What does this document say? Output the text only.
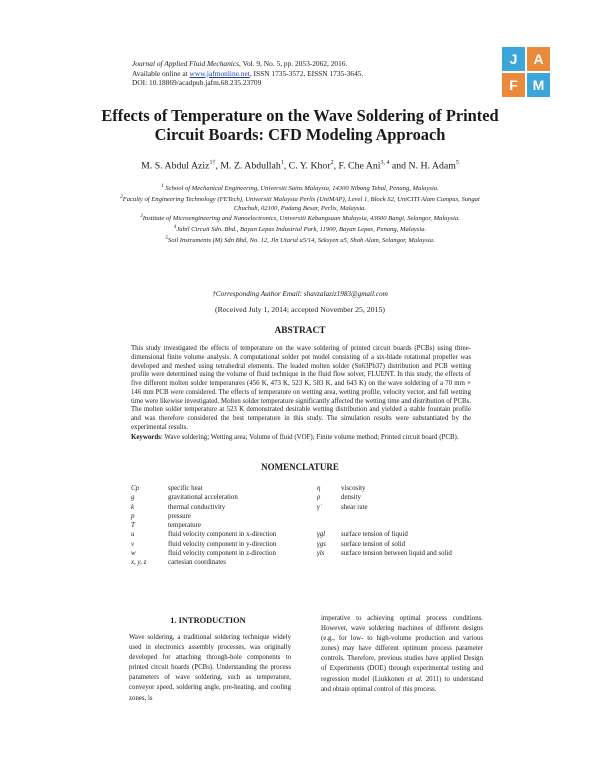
Journal of Applied Fluid Mechanics, Vol. 9, No. 5, pp. 2053-2062, 2016.
Available online at www.jafmonline.net, ISSN 1735-3572, EISSN 1735-3645.
DOI: 10.18869/acadpub.jafm.68.235.23709
J	A
F	M
Effects of Temperature on the Wave Soldering of Printed
Circuit Boards: CFD Modeling Approach
M. S. Abdul Aziz$^{1\dagger}$, M. Z. Abdullah$^1$, C. Y. Khor$^2$, F. Che Ani$^{3, 4}$ and N. H. Adam$^5$
$^1$ School of Mechanical Engineering, Universiti Sains Malaysia, 14300 Nibong Tebal, Penang, Malaysia.
$^2$Faculty of Engineering Technology (FETech), Universiti Malaysia Perlis (UniMAP), Level 1, Block S2, UniCITI Alam Campus, Sungai Chuchuh, 02100, Padang Besar, Perlis, Malaysia.
$^3$Institute of Microengineering and Nanoelectronics, Universiti Kebangsaan Malaysia, 43600 Bangi, Selangor, Malaysia.
$^4$Jabil Circuit Sdn. Bhd., Bayan Lepas Industrial Park, 11900, Bayan Lepas, Penang, Malaysia.
$^5$Soil Instruments (M) Sdn Bhd, No. 12, Jln Utarid u5/14, Seksyen u5, Shah Alam, Selangor, Malaysia.
†Corresponding Author Email: shavzalaziz1983@gmail.com
(Received July 1, 2014; accepted November 25, 2015)
ABSTRACT
This study investigated the effects of temperature on the wave soldering of printed circuit boards (PCBs) using three-dimensional finite volume analysis. A computational solder pot model consisting of a six-blade rotational propeller was developed and meshed using tetrahedral elements. The leaded molten solder (Sn63Pb37) distribution and PCB wetting profile were determined using the volume of fluid technique in the fluid flow solver, FLUENT. In this study, the effects of five different molten solder temperatures (456 K, 473 K, 523 K, 583 K, and 643 K) on the wave soldering of a 70 mm × 146 mm PCB were considered. The effects of temperature on wetting area, wetting profile, velocity vector, and full wetting time were likewise investigated. Molten solder temperature significantly affected the wetting time and distribution of PCBs. The molten solder temperature at 523 K demonstrated desirable wetting distribution and yielded a stable fountain profile and was therefore considered the best temperature in this study. The simulation results were substantiated by the experimental results.
Keywords: Wave soldering; Wetting area; Volume of fluid (VOF); Finite volume method; Printed circuit board (PCB).
NOMENCLATURE
Cp	specific heat
g	gravitational acceleration
k	thermal conductivity
p	pressure
T	temperature
u	fluid velocity component in x-direction
v	fluid velocity component in y-direction
w	fluid velocity component in z-direction
x, y, z	cartesian coordinates
η	viscosity
ρ	density
γ̇	shear rate
γgl surface tension of liquid
γgs surface tension of solid
γls surface tension between liquid and solid
1. INTRODUCTION
Wave soldering, a traditional soldering technique widely used in electronics assembly processes, was originally developed for attaching through-hole components to printed circuit boards (PCBs). Understanding the process parameters of wave soldering, such as temperature, conveyor speed, soldering angle, pre-heating, and cooling zones, is
imperative to achieving optimal process conditions. However, wave soldering machines of different designs (e.g., for low- to high-volume production and various zones) may have different optimum process parameter controls. Therefore, previous studies have applied Design of Experiments (DOE) through experimental testing and regression model (Liukkonen et al. 2011) to understand and obtain optimal control of this process.
